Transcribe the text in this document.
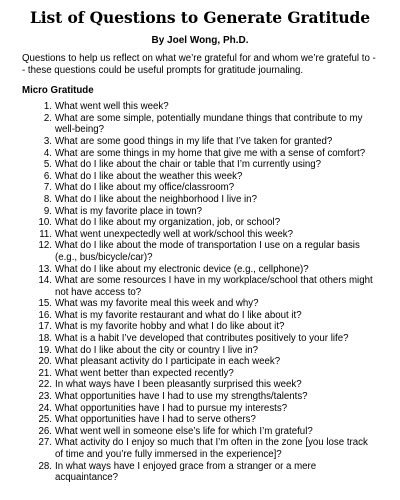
List of Questions to Generate Gratitude
By Joel Wong, Ph.D.

Questions to help us reflect on what we’re grateful for and whom we’re grateful to -- these questions could be useful prompts for gratitude journaling.

Micro Gratitude
1. What went well this week?
2. What are some simple, potentially mundane things that contribute to my well-being?
3. What are some good things in my life that I’ve taken for granted?
4. What are some things in my home that give me with a sense of comfort?
5. What do I like about the chair or table that I’m currently using?
6. What do I like about the weather this week?
7. What do I like about my office/classroom?
8. What do I like about the neighborhood I live in?
9. What is my favorite place in town?
10. What do I like about my organization, job, or school?
11. What went unexpectedly well at work/school this week?
12. What do I like about the mode of transportation I use on a regular basis (e.g., bus/bicycle/car)?
13. What do I like about my electronic device (e.g., cellphone)?
14. What are some resources I have in my workplace/school that others might not have access to?
15. What was my favorite meal this week and why?
16. What is my favorite restaurant and what do I like about it?
17. What is my favorite hobby and what I do like about it?
18. What is a habit I’ve developed that contributes positively to your life?
19. What do I like about the city or country I live in?
20. What pleasant activity do I participate in each week?
21. What went better than expected recently?
22. In what ways have I been pleasantly surprised this week?
23. What opportunities have I had to use my strengths/talents?
24. What opportunities have I had to pursue my interests?
25. What opportunities have I had to serve others?
26. What went well in someone else’s life for which I’m grateful?
27. What activity do I enjoy so much that I’m often in the zone [you lose track of time and you’re fully immersed in the experience]?
28. In what ways have I enjoyed grace from a stranger or a mere acquaintance?
